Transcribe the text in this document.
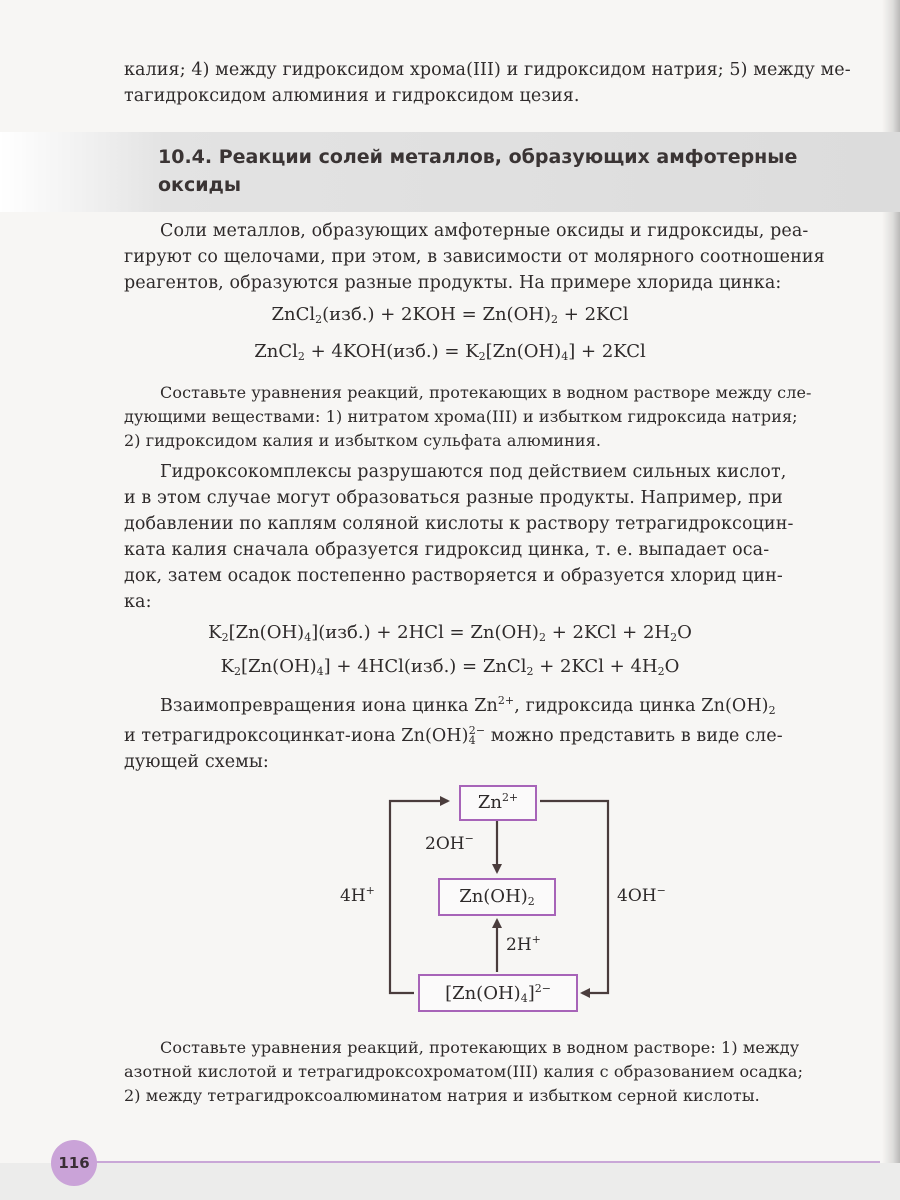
калия; 4) между гидроксидом хрома(III) и гидроксидом натрия; 5) между ме-
тагидроксидом алюминия и гидроксидом цезия.
10.4. Реакции солей металлов, образующих амфотерные
оксиды
Соли металлов, образующих амфотерные оксиды и гидроксиды, реа-
гируют со щелочами, при этом, в зависимости от молярного соотношения
реагентов, образуются разные продукты. На примере хлорида цинка:
ZnCl$_2$(изб.) + $2KOH = Zn(OH)_2 + 2KCl$
ZnCl$_2$ + $4KOH(изб.) = K_2[Zn(OH)_4] + 2KCl$
Составьте уравнения реакций, протекающих в водном растворе между сле-
дующими веществами: 1) нитратом хрома(III) и избытком гидроксида натрия;
2) гидроксидом калия и избытком сульфата алюминия.
Гидроксокомплексы разрушаются под действием сильных кислот,
и в этом случае могут образоваться разные продукты. Например, при
добавлении по каплям соляной кислоты к раствору тетрагидроксоцин-
ката калия сначала образуется гидроксид цинка, т. е. выпадает оса-
док, затем осадок постепенно растворяется и образуется хлорид цин-
ка:
$K_2[Zn(OH)_4](изб.) + 2HCl = Zn(OH)_2 + 2KCl + 2H_2O$
$K_2[Zn(OH)_4] + 4HCl(изб.)$ = ZnCl$_2$ + $2KCl + 4H_2O$
Взаимопревращения иона цинка $Zn^{2+}$, гидроксида цинка $Zn(OH)_2$
и тетрагидроксоцинкат-иона $Zn(OH)_4^{2-}$ можно представить в виде сле-
дующей схемы:
$Zn^{2+}$
$Zn(OH)_2$
$[Zn(OH)_4]^{2-}$
2OH−
2H+
4H+	4OH−
Составьте уравнения реакций, протекающих в водном растворе: 1) между
азотной кислотой и тетрагидроксохроматом(III) калия с образованием осадка;
2) между тетрагидроксоалюминатом натрия и избытком серной кислоты.
116
